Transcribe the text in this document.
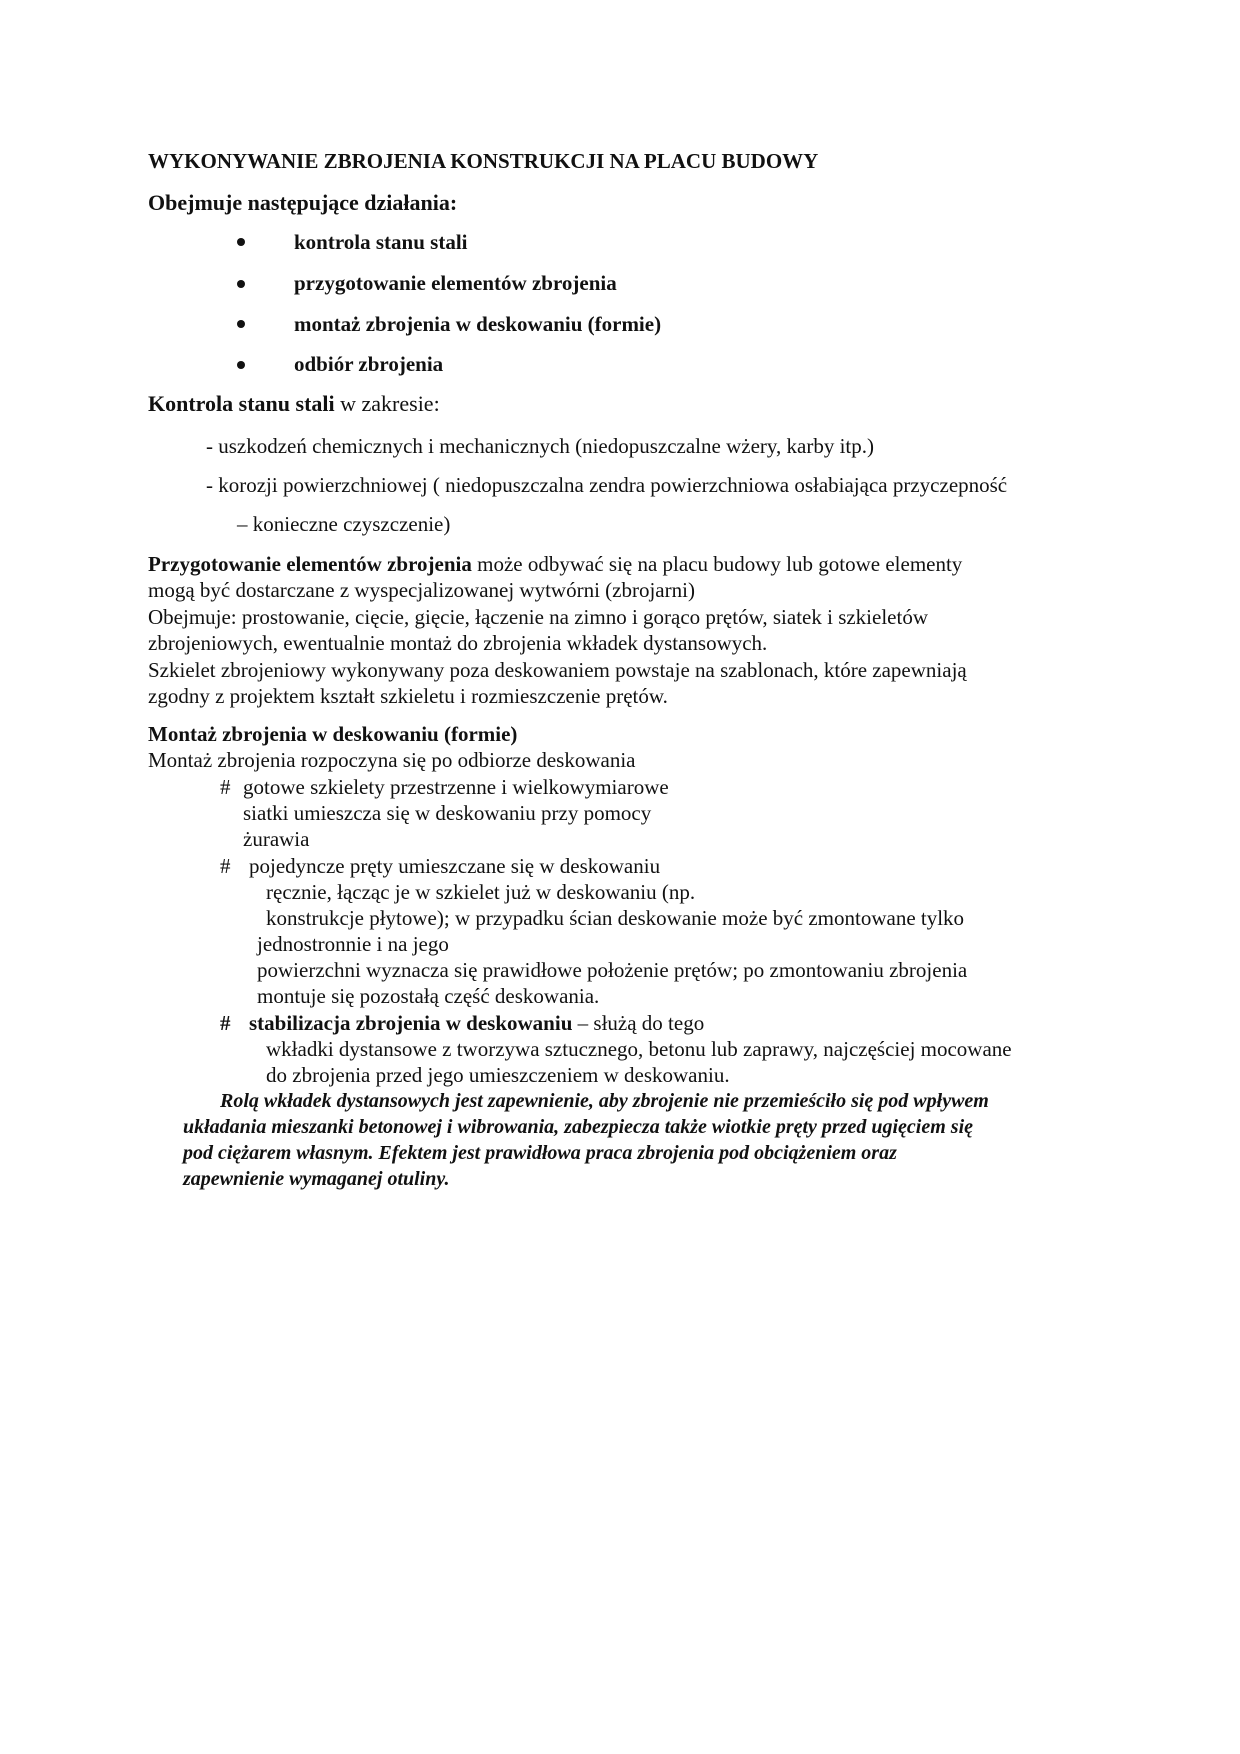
WYKONYWANIE ZBROJENIA KONSTRUKCJI NA PLACU BUDOWY
Obejmuje następujące działania:
kontrola stanu stali
przygotowanie elementów zbrojenia
montaż zbrojenia w deskowaniu (formie)
odbiór zbrojenia
Kontrola stanu stali w zakresie:
- uszkodzeń chemicznych i mechanicznych (niedopuszczalne wżery, karby itp.)
- korozji powierzchniowej ( niedopuszczalna zendra powierzchniowa osłabiająca przyczepność
– konieczne czyszczenie)
Przygotowanie elementów zbrojenia może odbywać się na placu budowy lub gotowe elementy
mogą być dostarczane z wyspecjalizowanej wytwórni (zbrojarni)
Obejmuje: prostowanie, cięcie, gięcie, łączenie na zimno i gorąco prętów, siatek i szkieletów
zbrojeniowych, ewentualnie montaż do zbrojenia wkładek dystansowych.
Szkielet zbrojeniowy wykonywany poza deskowaniem powstaje na szablonach, które zapewniają
zgodny z projektem kształt szkieletu i rozmieszczenie prętów.
Montaż zbrojenia w deskowaniu (formie)
Montaż zbrojenia rozpoczyna się po odbiorze deskowania
# gotowe szkielety przestrzenne i wielkowymiarowe
siatki umieszcza się w deskowaniu przy pomocy
żurawia
# pojedyncze pręty umieszczane się w deskowaniu
ręcznie, łącząc je w szkielet już w deskowaniu (np.
konstrukcje płytowe); w przypadku ścian deskowanie może być zmontowane tylko
jednostronnie i na jego
powierzchni wyznacza się prawidłowe położenie prętów; po zmontowaniu zbrojenia
montuje się pozostałą część deskowania.
# stabilizacja zbrojenia w deskowaniu – służą do tego
wkładki dystansowe z tworzywa sztucznego, betonu lub zaprawy, najczęściej mocowane
do zbrojenia przed jego umieszczeniem w deskowaniu.
Rolą wkładek dystansowych jest zapewnienie, aby zbrojenie nie przemieściło się pod wpływem
układania mieszanki betonowej i wibrowania, zabezpiecza także wiotkie pręty przed ugięciem się
pod ciężarem własnym. Efektem jest prawidłowa praca zbrojenia pod obciążeniem oraz
zapewnienie wymaganej otuliny.
